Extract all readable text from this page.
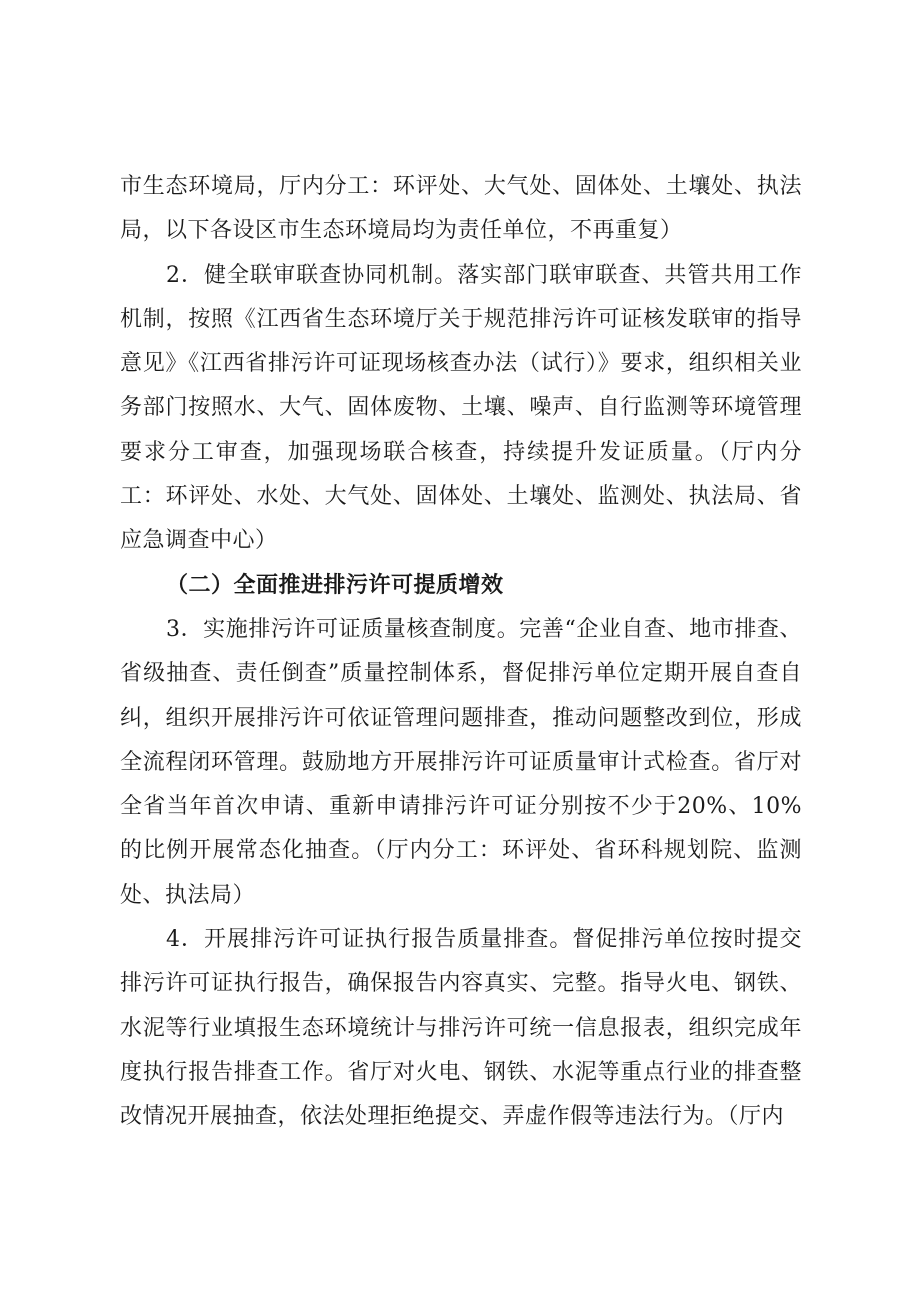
市生态环境局，厅内分工：环评处、大气处、固体处、土壤处、执法局，以下各设区市生态环境局均为责任单位，不再重复）

2．健全联审联查协同机制。落实部门联审联查、共管共用工作机制，按照《江西省生态环境厅关于规范排污许可证核发联审的指导意见》《江西省排污许可证现场核查办法（试行）》要求，组织相关业务部门按照水、大气、固体废物、土壤、噪声、自行监测等环境管理要求分工审查，加强现场联合核查，持续提升发证质量。（厅内分工：环评处、水处、大气处、固体处、土壤处、监测处、执法局、省应急调查中心）

（二）全面推进排污许可提质增效

3．实施排污许可证质量核查制度。完善“企业自查、地市排查、省级抽查、责任倒查”质量控制体系，督促排污单位定期开展自查自纠，组织开展排污许可依证管理问题排查，推动问题整改到位，形成全流程闭环管理。鼓励地方开展排污许可证质量审计式检查。省厅对全省当年首次申请、重新申请排污许可证分别按不少于20%、10%的比例开展常态化抽查。（厅内分工：环评处、省环科规划院、监测处、执法局）

4．开展排污许可证执行报告质量排查。督促排污单位按时提交排污许可证执行报告，确保报告内容真实、完整。指导火电、钢铁、水泥等行业填报生态环境统计与排污许可统一信息报表，组织完成年度执行报告排查工作。省厅对火电、钢铁、水泥等重点行业的排查整改情况开展抽查，依法处理拒绝提交、弄虚作假等违法行为。（厅内
